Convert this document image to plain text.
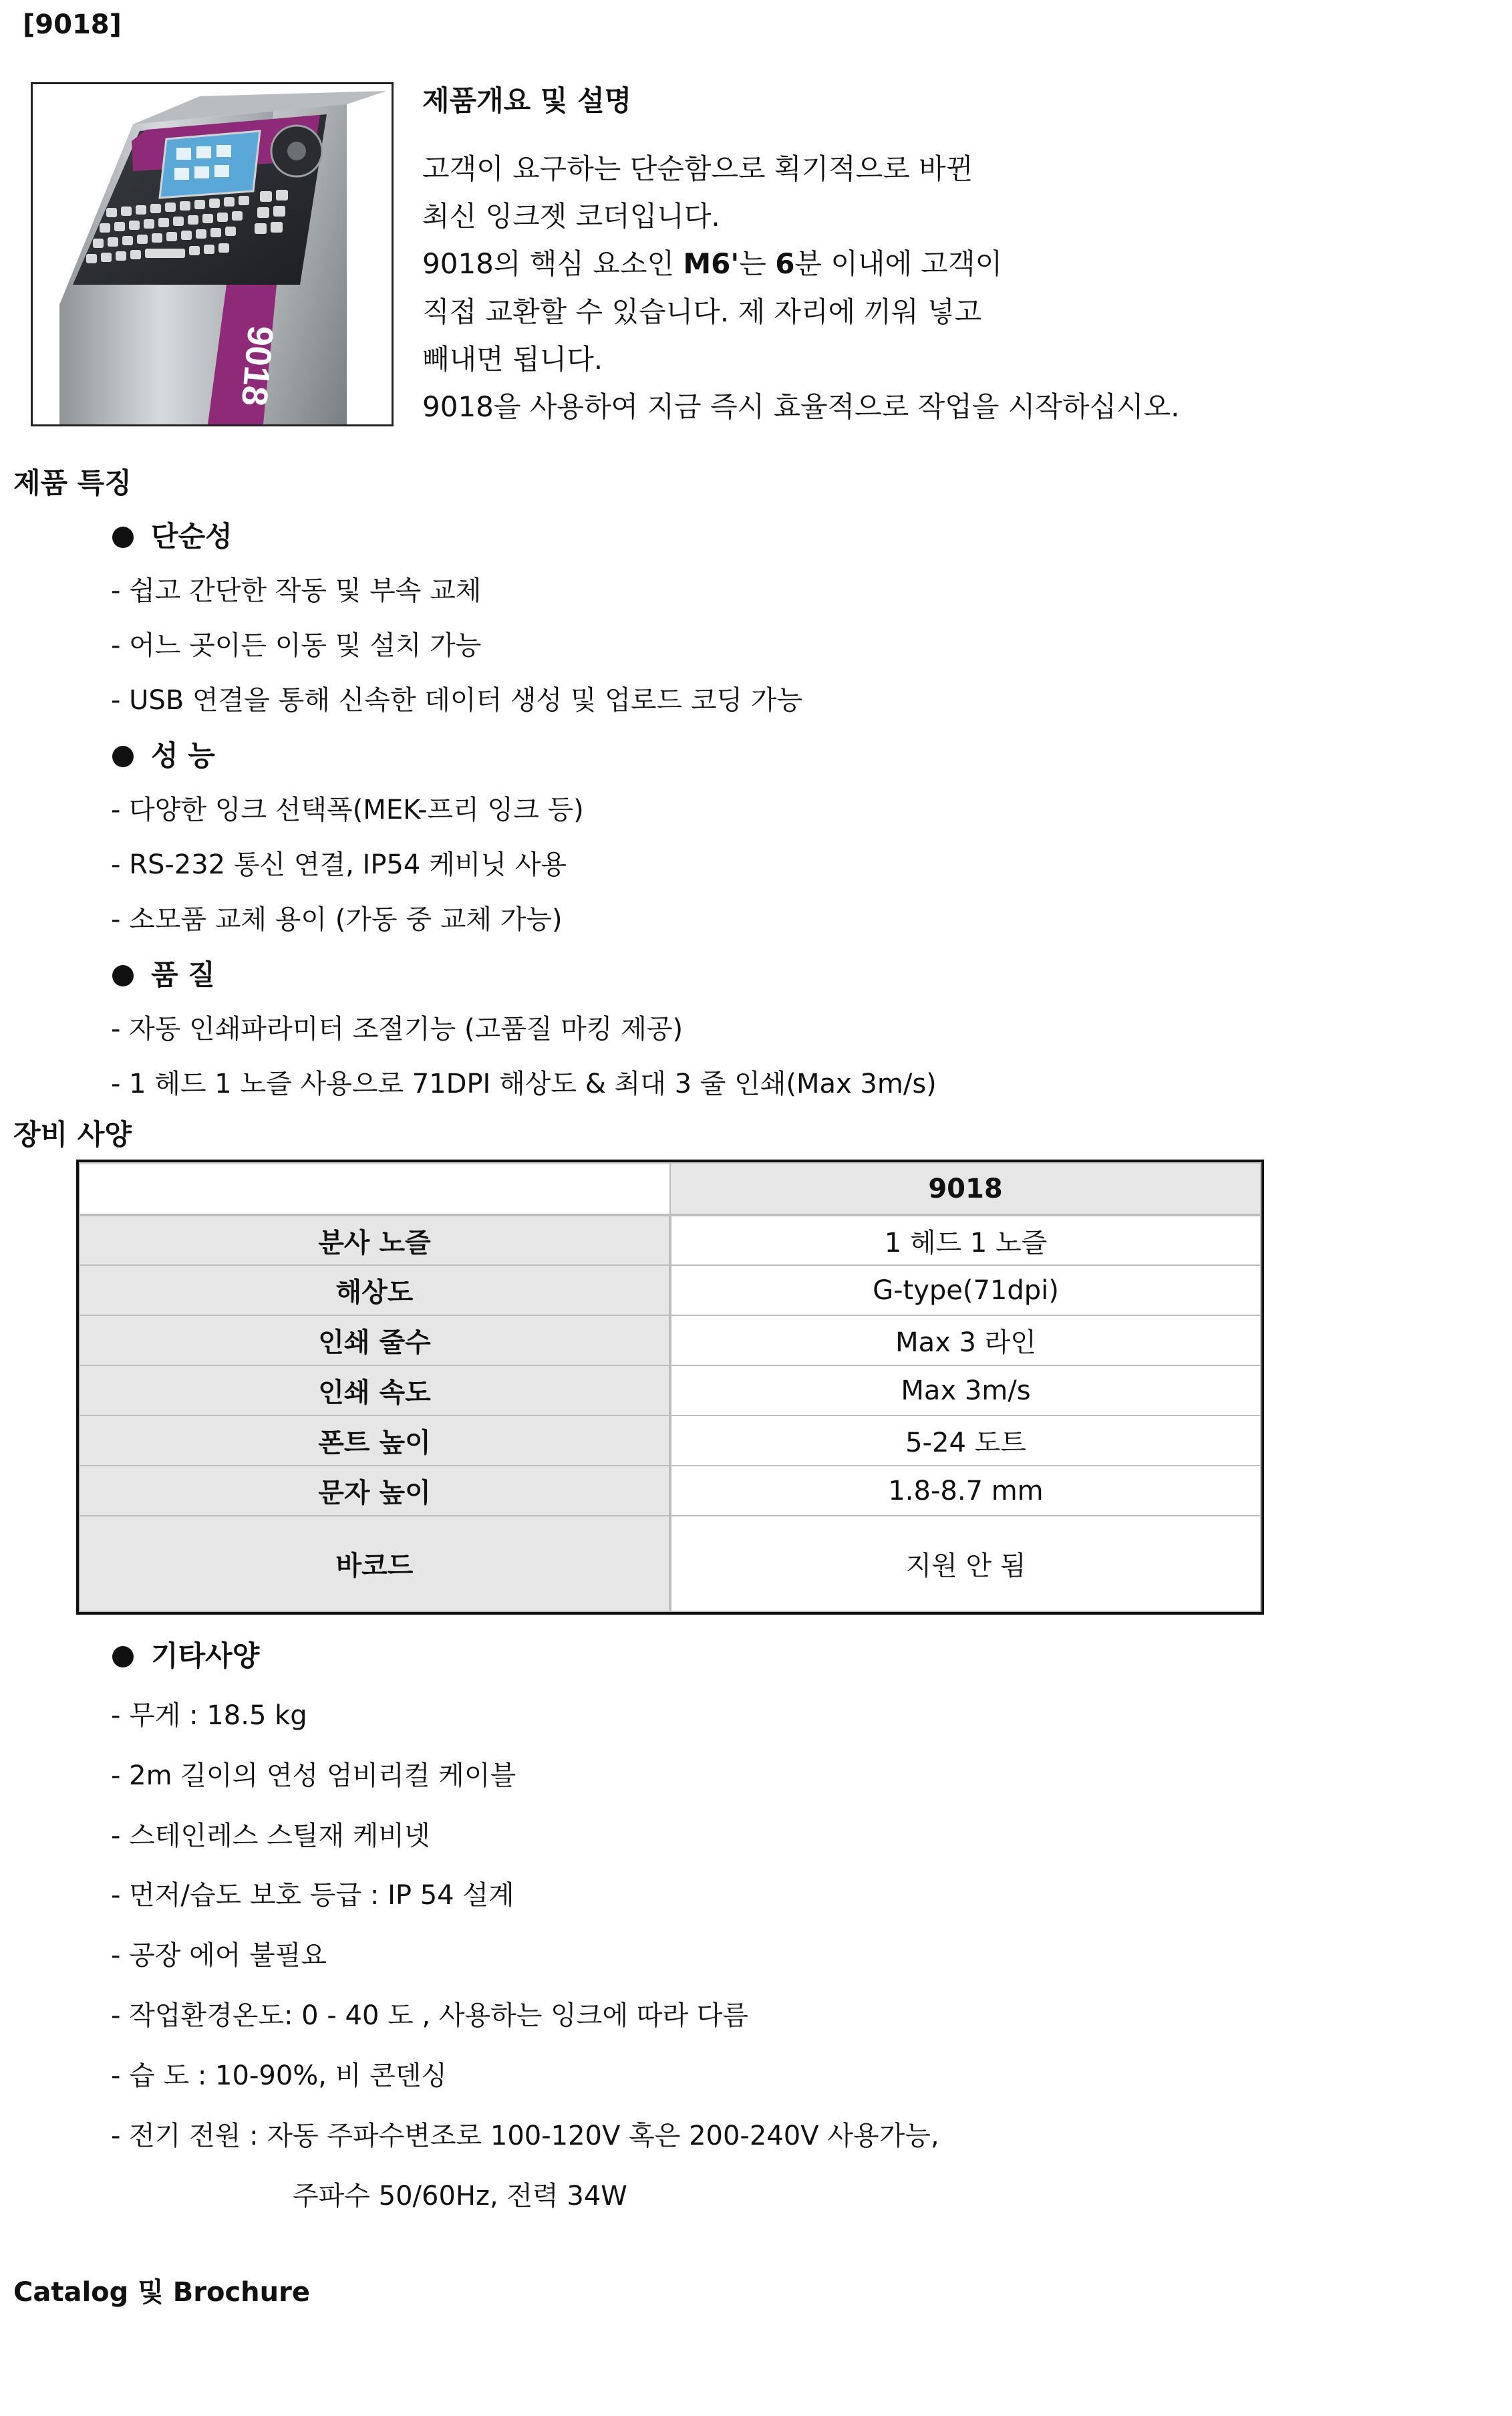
[9018]
9018
제품개요 및 설명
고객이 요구하는 단순함으로 획기적으로 바뀐
최신 잉크젯 코더입니다.
9018의 핵심 요소인 M6'는 6분 이내에 고객이
직접 교환할 수 있습니다. 제 자리에 끼워 넣고
빼내면 됩니다.
9018을 사용하여 지금 즉시 효율적으로 작업을 시작하십시오.
제품 특징
단순성
- 쉽고 간단한 작동 및 부속 교체
- 어느 곳이든 이동 및 설치 가능
- USB 연결을 통해 신속한 데이터 생성 및 업로드 코딩 가능
성 능
- 다양한 잉크 선택폭(MEK-프리 잉크 등)
- RS-232 통신 연결, IP54 케비닛 사용
- 소모품 교체 용이 (가동 중 교체 가능)
품 질
- 자동 인쇄파라미터 조절기능 (고품질 마킹 제공)
- 1 헤드 1 노즐 사용으로 71DPI 해상도 & 최대 3 줄 인쇄(Max 3m/s)
장비 사양
	9018
분사 노즐	1 헤드 1 노즐
해상도	G-type(71dpi)
인쇄 줄수	Max 3 라인
인쇄 속도	Max 3m/s
폰트 높이	5-24 도트
문자 높이	1.8-8.7 mm
바코드	지원 안 됨
기타사양
- 무게 : 18.5 kg
- 2m 길이의 연성 엄비리컬 케이블
- 스테인레스 스틸재 케비넷
- 먼저/습도 보호 등급 : IP 54 설계
- 공장 에어 불필요
- 작업환경온도: 0 - 40 도 , 사용하는 잉크에 따라 다름
- 습 도 : 10-90%, 비 콘덴싱
- 전기 전원 : 자동 주파수변조로 100-120V 혹은 200-240V 사용가능,
주파수 50/60Hz, 전력 34W
Catalog 및 Brochure
